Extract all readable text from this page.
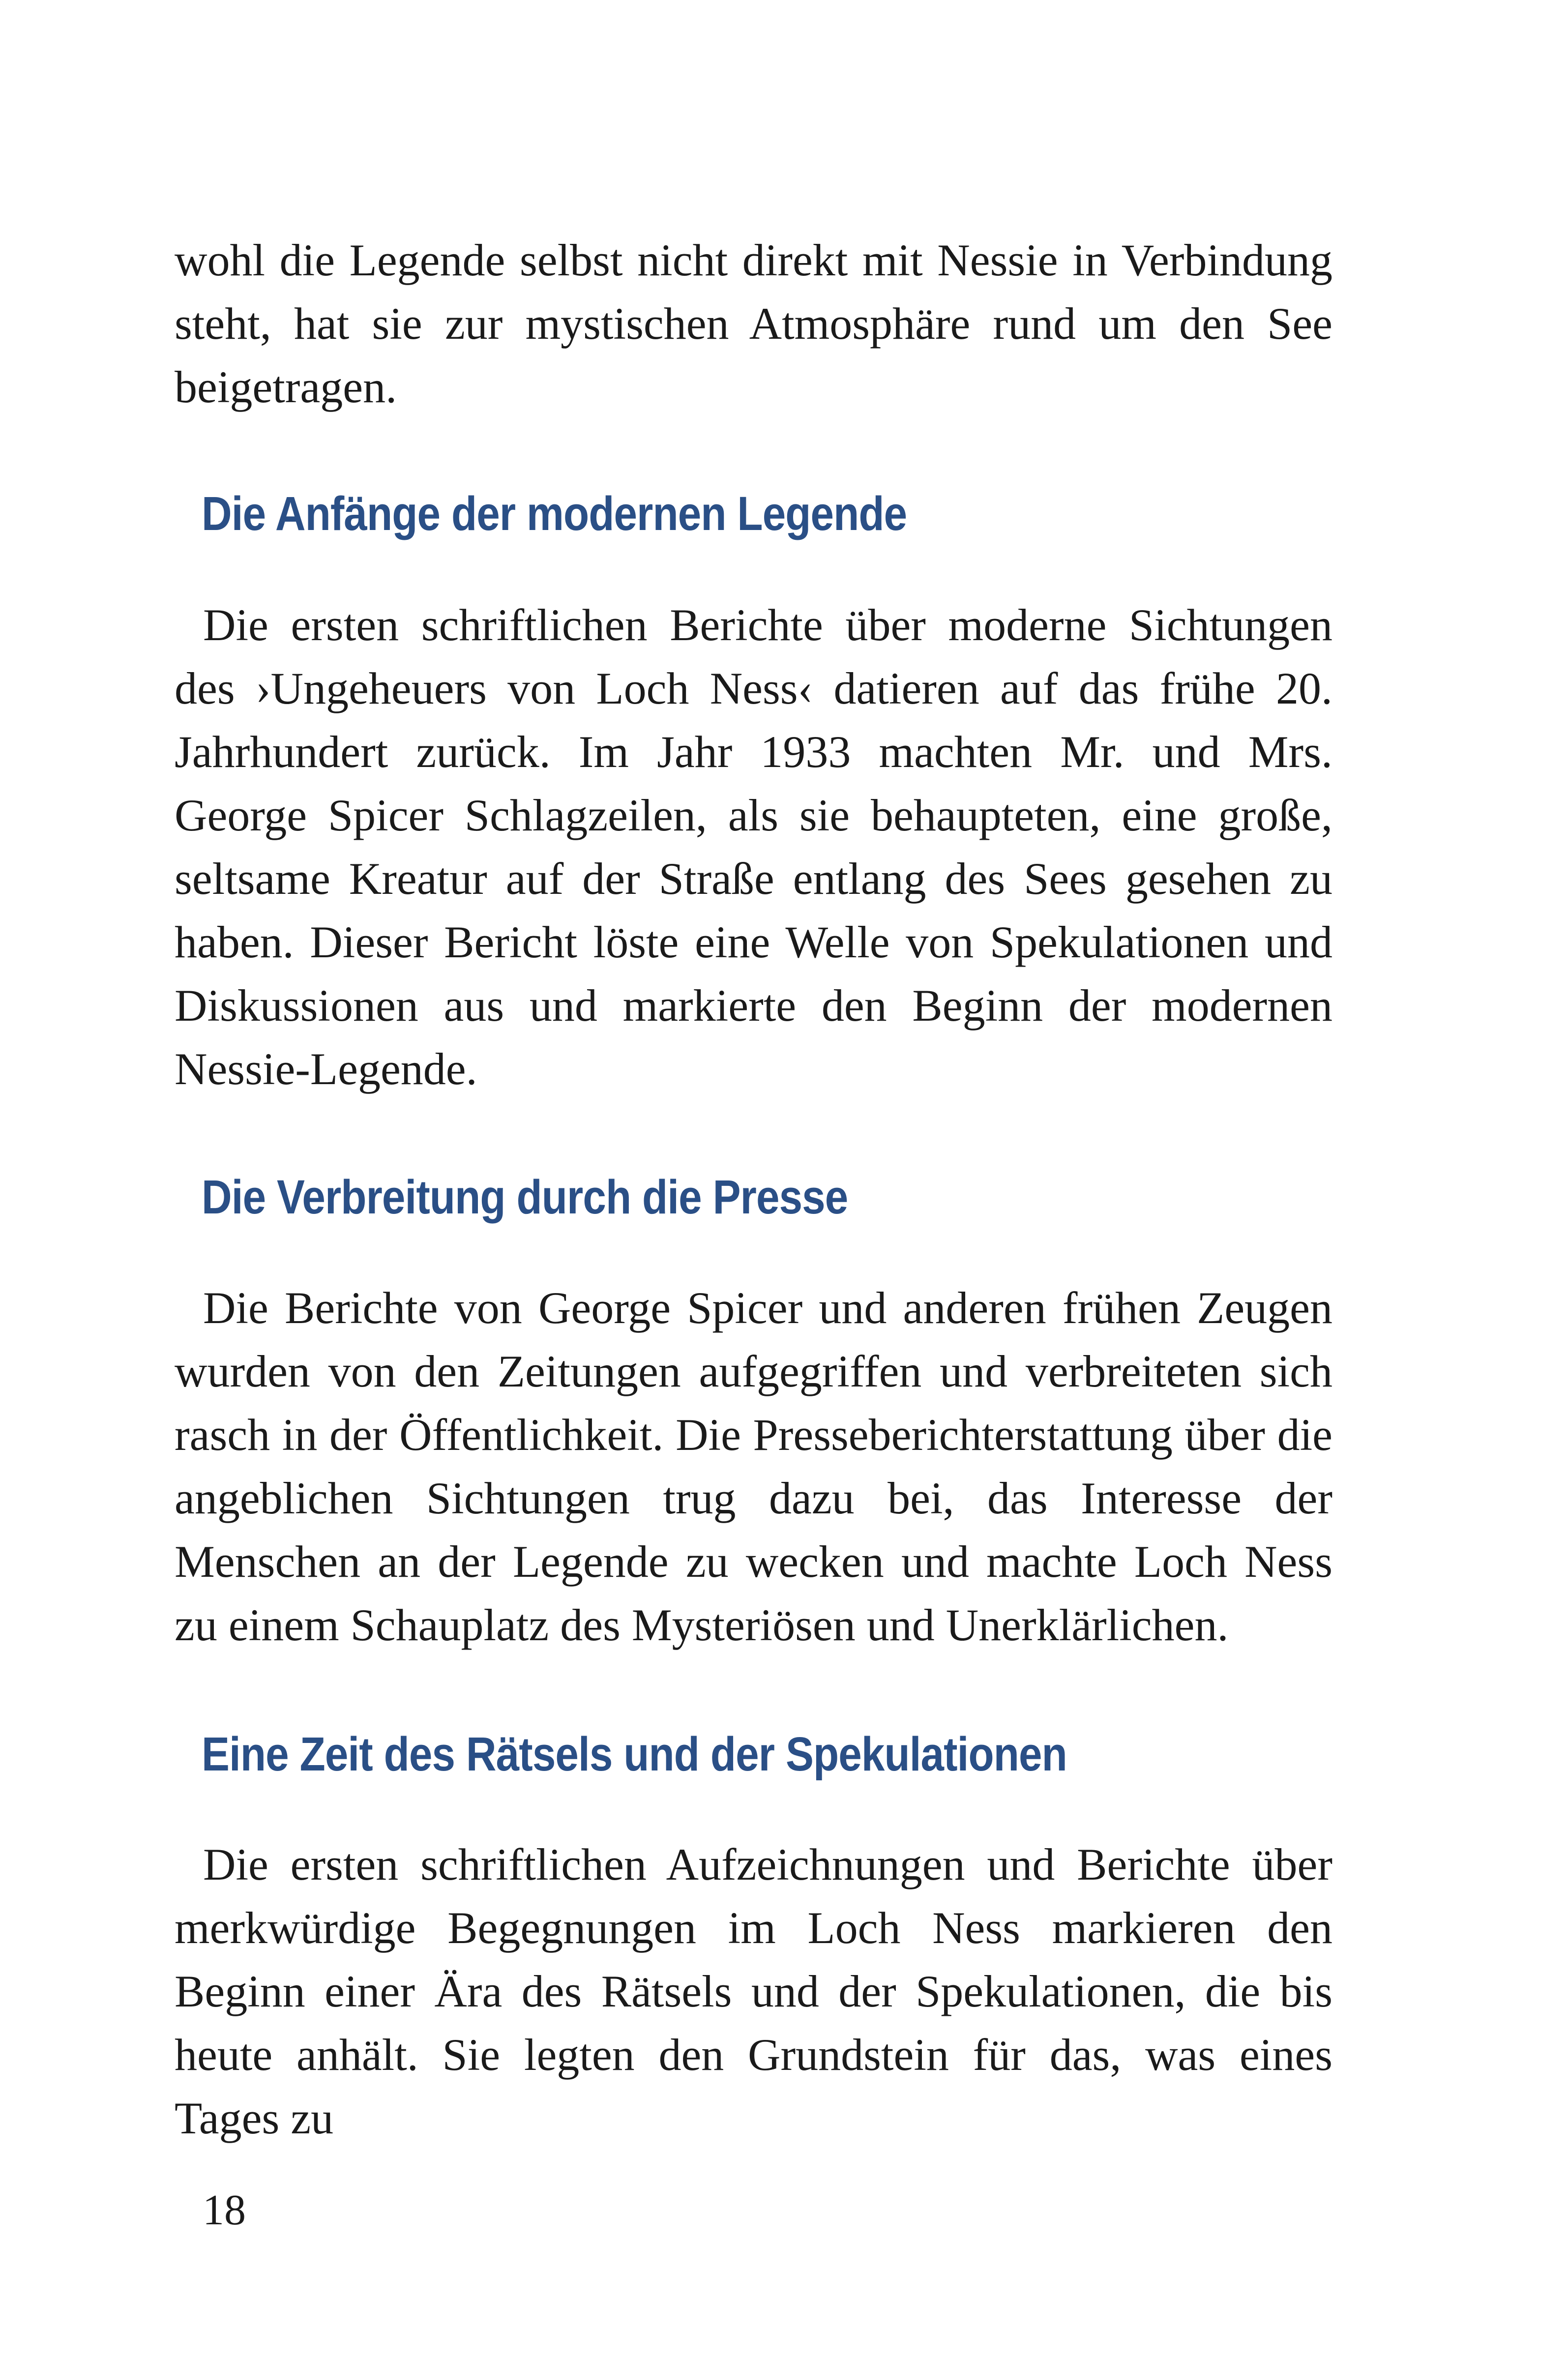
wohl die Legende selbst nicht direkt mit Nessie in Verbindung steht, hat sie zur mystischen Atmosphäre rund um den See beigetragen.

Die Anfänge der modernen Legende

Die ersten schriftlichen Berichte über moderne Sichtungen des ›Ungeheuers von Loch Ness‹ datieren auf das frühe 20. Jahrhundert zurück. Im Jahr 1933 machten Mr. und Mrs. George Spicer Schlagzeilen, als sie behaupteten, eine große, seltsame Kreatur auf der Straße entlang des Sees gesehen zu haben. Dieser Bericht löste eine Welle von Spekulationen und Diskussionen aus und markierte den Beginn der modernen Nessie-Legende.

Die Verbreitung durch die Presse

Die Berichte von George Spicer und anderen frühen Zeugen wurden von den Zeitungen aufgegriffen und verbreiteten sich rasch in der Öffentlichkeit. Die Presseberichterstattung über die angeblichen Sichtungen trug dazu bei, das Interesse der Menschen an der Legende zu wecken und machte Loch Ness zu einem Schauplatz des Mysteriösen und Unerklärlichen.

Eine Zeit des Rätsels und der Spekulationen

Die ersten schriftlichen Aufzeichnungen und Berichte über merkwürdige Begegnungen im Loch Ness markieren den Beginn einer Ära des Rätsels und der Spekulationen, die bis heute anhält. Sie legten den Grundstein für das, was eines Tages zu

18
